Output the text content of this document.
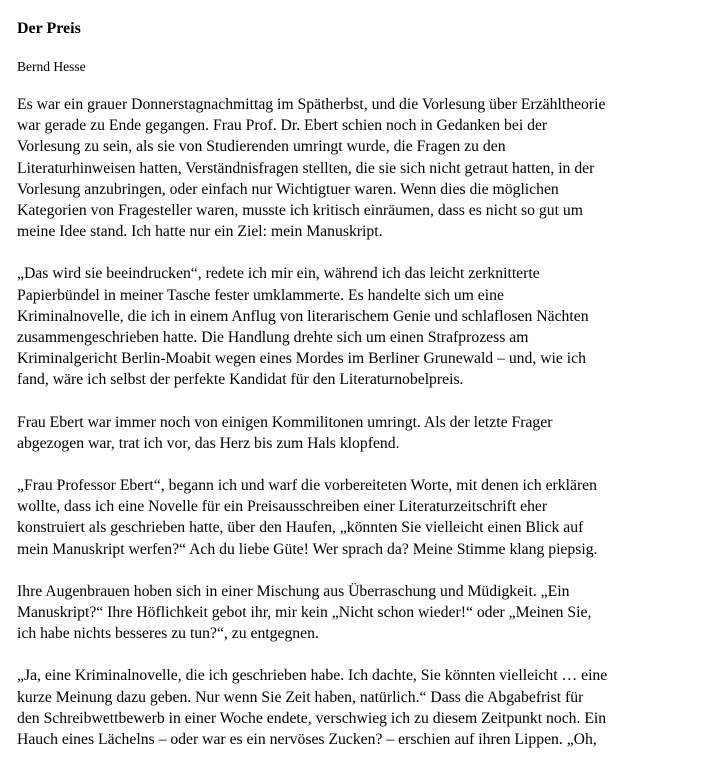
Der Preis

Bernd Hesse

Es war ein grauer Donnerstagnachmittag im Spätherbst, und die Vorlesung über Erzähltheorie
war gerade zu Ende gegangen. Frau Prof. Dr. Ebert schien noch in Gedanken bei der
Vorlesung zu sein, als sie von Studierenden umringt wurde, die Fragen zu den
Literaturhinweisen hatten, Verständnisfragen stellten, die sie sich nicht getraut hatten, in der
Vorlesung anzubringen, oder einfach nur Wichtigtuer waren. Wenn dies die möglichen
Kategorien von Fragesteller waren, musste ich kritisch einräumen, dass es nicht so gut um
meine Idee stand. Ich hatte nur ein Ziel: mein Manuskript.

„Das wird sie beeindrucken“, redete ich mir ein, während ich das leicht zerknitterte
Papierbündel in meiner Tasche fester umklammerte. Es handelte sich um eine
Kriminalnovelle, die ich in einem Anflug von literarischem Genie und schlaflosen Nächten
zusammengeschrieben hatte. Die Handlung drehte sich um einen Strafprozess am
Kriminalgericht Berlin-Moabit wegen eines Mordes im Berliner Grunewald – und, wie ich
fand, wäre ich selbst der perfekte Kandidat für den Literaturnobelpreis.

Frau Ebert war immer noch von einigen Kommilitonen umringt. Als der letzte Frager
abgezogen war, trat ich vor, das Herz bis zum Hals klopfend.

„Frau Professor Ebert“, begann ich und warf die vorbereiteten Worte, mit denen ich erklären
wollte, dass ich eine Novelle für ein Preisausschreiben einer Literaturzeitschrift eher
konstruiert als geschrieben hatte, über den Haufen, „könnten Sie vielleicht einen Blick auf
mein Manuskript werfen?“ Ach du liebe Güte! Wer sprach da? Meine Stimme klang piepsig.

Ihre Augenbrauen hoben sich in einer Mischung aus Überraschung und Müdigkeit. „Ein
Manuskript?“ Ihre Höflichkeit gebot ihr, mir kein „Nicht schon wieder!“ oder „Meinen Sie,
ich habe nichts besseres zu tun?“, zu entgegnen.

„Ja, eine Kriminalnovelle, die ich geschrieben habe. Ich dachte, Sie könnten vielleicht … eine
kurze Meinung dazu geben. Nur wenn Sie Zeit haben, natürlich.“ Dass die Abgabefrist für
den Schreibwettbewerb in einer Woche endete, verschwieg ich zu diesem Zeitpunkt noch. Ein
Hauch eines Lächelns – oder war es ein nervöses Zucken? – erschien auf ihren Lippen. „Oh,
